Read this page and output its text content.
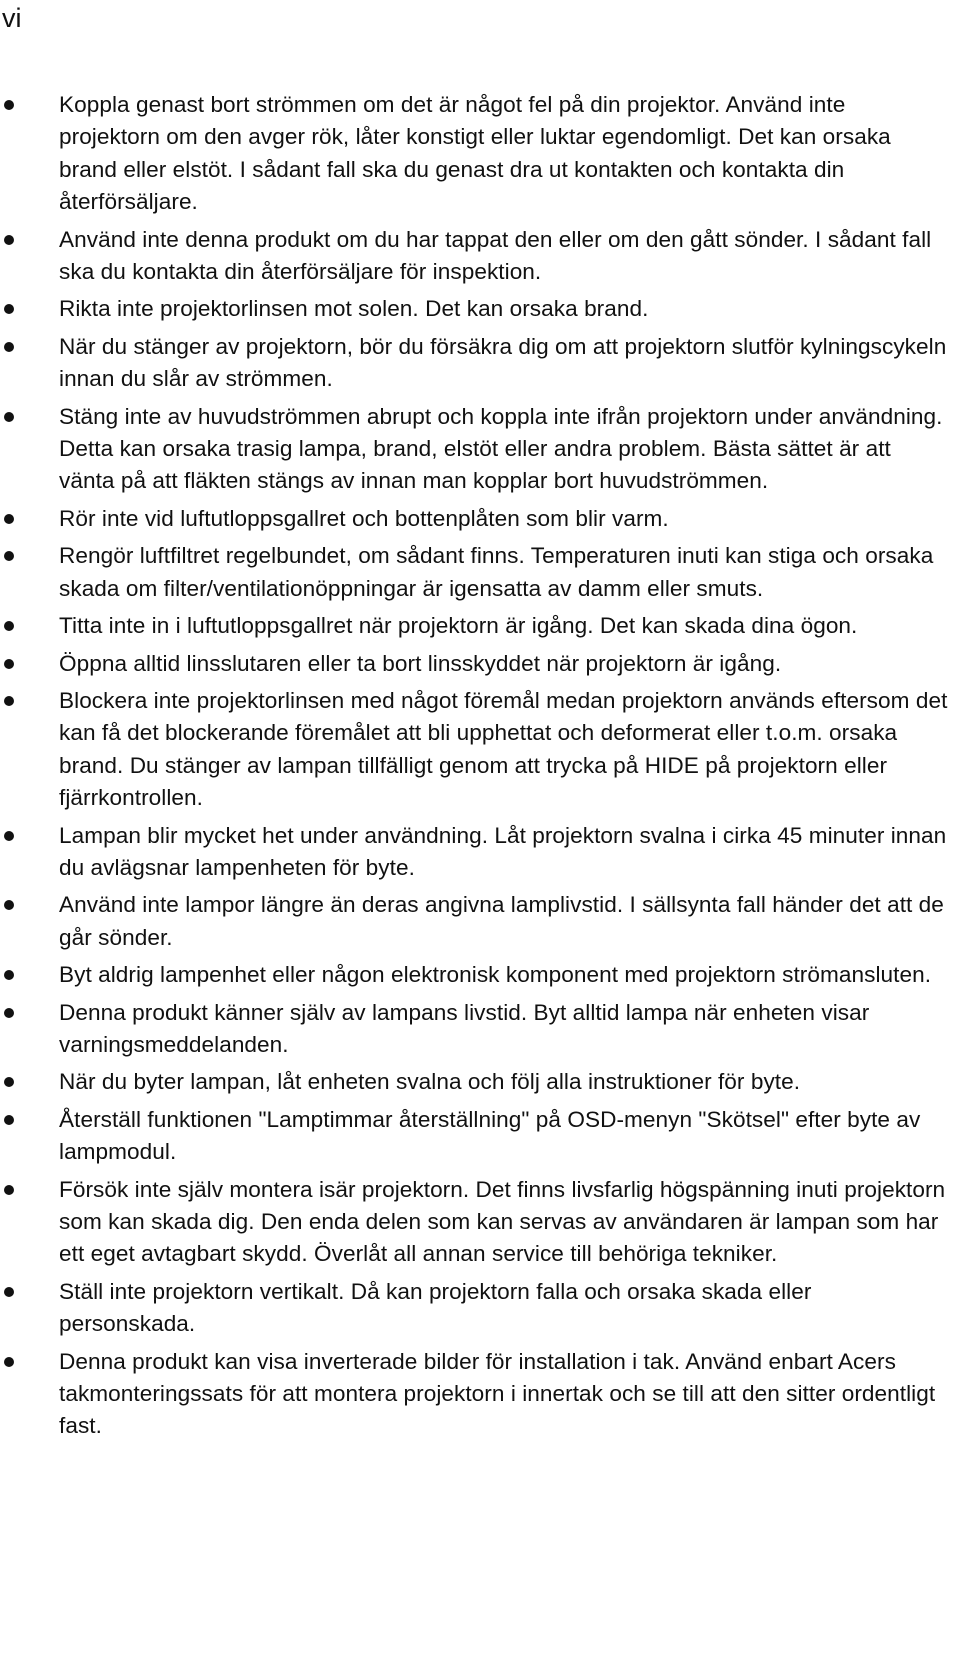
vi
Koppla genast bort strömmen om det är något fel på din projektor. Använd inte projektorn om den avger rök, låter konstigt eller luktar egendomligt. Det kan orsaka brand eller elstöt. I sådant fall ska du genast dra ut kontakten och kontakta din återförsäljare.
Använd inte denna produkt om du har tappat den eller om den gått sönder. I sådant fall ska du kontakta din återförsäljare för inspektion.
Rikta inte projektorlinsen mot solen. Det kan orsaka brand.
När du stänger av projektorn, bör du försäkra dig om att projektorn slutför kylningscykeln innan du slår av strömmen.
Stäng inte av huvudströmmen abrupt och koppla inte ifrån projektorn under användning. Detta kan orsaka trasig lampa, brand, elstöt eller andra problem. Bästa sättet är att vänta på att fläkten stängs av innan man kopplar bort huvudströmmen.
Rör inte vid luftutloppsgallret och bottenplåten som blir varm.
Rengör luftfiltret regelbundet, om sådant finns. Temperaturen inuti kan stiga och orsaka skada om filter/ventilationöppningar är igensatta av damm eller smuts.
Titta inte in i luftutloppsgallret när projektorn är igång. Det kan skada dina ögon.
Öppna alltid linsslutaren eller ta bort linsskyddet när projektorn är igång.
Blockera inte projektorlinsen med något föremål medan projektorn används eftersom det kan få det blockerande föremålet att bli upphettat och deformerat eller t.o.m. orsaka brand. Du stänger av lampan tillfälligt genom att trycka på HIDE på projektorn eller fjärrkontrollen.
Lampan blir mycket het under användning. Låt projektorn svalna i cirka 45 minuter innan du avlägsnar lampenheten för byte.
Använd inte lampor längre än deras angivna lamplivstid. I sällsynta fall händer det att de går sönder.
Byt aldrig lampenhet eller någon elektronisk komponent med projektorn strömansluten.
Denna produkt känner själv av lampans livstid. Byt alltid lampa när enheten visar varningsmeddelanden.
När du byter lampan, låt enheten svalna och följ alla instruktioner för byte.
Återställ funktionen "Lamptimmar återställning" på OSD-menyn "Skötsel" efter byte av lampmodul.
Försök inte själv montera isär projektorn. Det finns livsfarlig högspänning inuti projektorn som kan skada dig. Den enda delen som kan servas av användaren är lampan som har ett eget avtagbart skydd. Överlåt all annan service till behöriga tekniker.
Ställ inte projektorn vertikalt. Då kan projektorn falla och orsaka skada eller personskada.
Denna produkt kan visa inverterade bilder för installation i tak. Använd enbart Acers takmonteringssats för att montera projektorn i innertak och se till att den sitter ordentligt fast.
